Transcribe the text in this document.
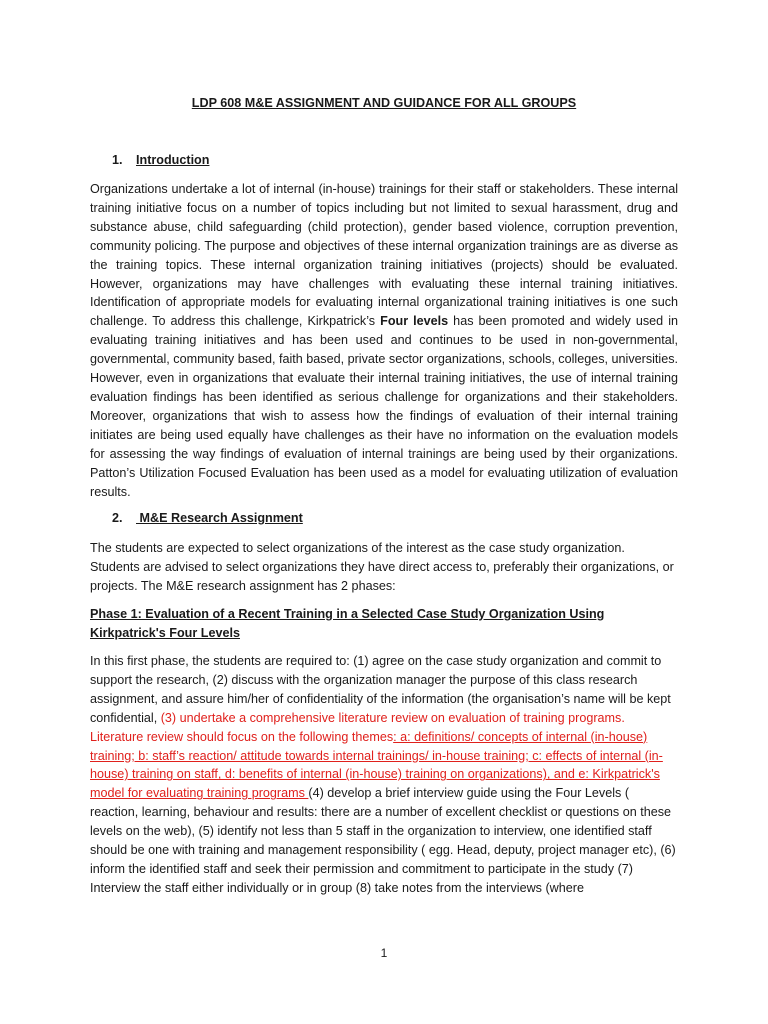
LDP 608 M&E ASSIGNMENT AND GUIDANCE FOR ALL GROUPS

1. Introduction

Organizations undertake a lot of internal (in-house) trainings for their staff or stakeholders. These internal training initiative focus on a number of topics including but not limited to sexual harassment, drug and substance abuse, child safeguarding (child protection), gender based violence, corruption prevention, community policing. The purpose and objectives of these internal organization trainings are as diverse as the training topics. These internal organization training initiatives (projects) should be evaluated. However, organizations may have challenges with evaluating these internal training initiatives. Identification of appropriate models for evaluating internal organizational training initiatives is one such challenge. To address this challenge, Kirkpatrick’s Four levels has been promoted and widely used in evaluating training initiatives and has been used and continues to be used in non-governmental, governmental, community based, faith based, private sector organizations, schools, colleges, universities. However, even in organizations that evaluate their internal training initiatives, the use of internal training evaluation findings has been identified as serious challenge for organizations and their stakeholders. Moreover, organizations that wish to assess how the findings of evaluation of their internal training initiates are being used equally have challenges as their have no information on the evaluation models for assessing the way findings of evaluation of internal trainings are being used by their organizations. Patton’s Utilization Focused Evaluation has been used as a model for evaluating utilization of evaluation results.

2. M&E Research Assignment

The students are expected to select organizations of the interest as the case study organization. Students are advised to select organizations they have direct access to, preferably their organizations, or projects. The M&E research assignment has 2 phases:

Phase 1: Evaluation of a Recent Training in a Selected Case Study Organization Using Kirkpatrick's Four Levels

In this first phase, the students are required to: (1) agree on the case study organization and commit to support the research, (2) discuss with the organization manager the purpose of this class research assignment, and assure him/her of confidentiality of the information (the organisation’s name will be kept confidential, (3) undertake a comprehensive literature review on evaluation of training programs. Literature review should focus on the following themes: a: definitions/ concepts of internal (in-house) training; b: staff’s reaction/ attitude towards internal trainings/ in-house training; c: effects of internal (in-house) training on staff, d: benefits of internal (in-house) training on organizations), and e: Kirkpatrick's model for evaluating training programs (4) develop a brief interview guide using the Four Levels ( reaction, learning, behaviour and results: there are a number of excellent checklist or questions on these levels on the web), (5) identify not less than 5 staff in the organization to interview, one identified staff should be one with training and management responsibility ( egg. Head, deputy, project manager etc), (6) inform the identified staff and seek their permission and commitment to participate in the study (7) Interview the staff either individually or in group (8) take notes from the interviews (where

1
